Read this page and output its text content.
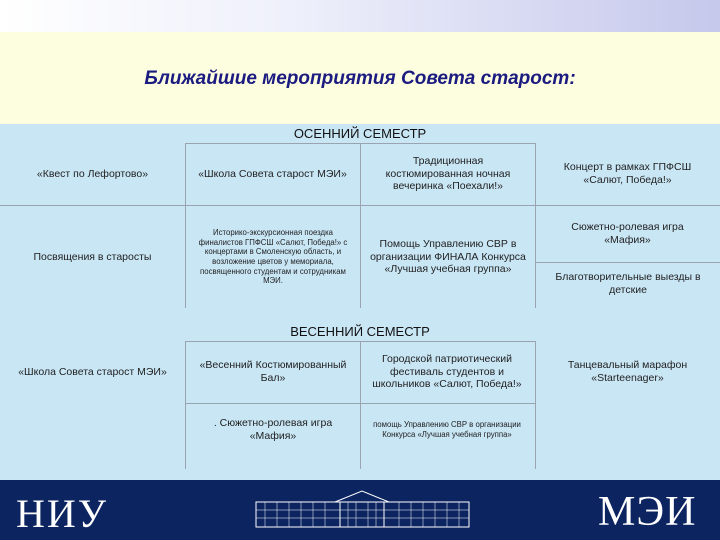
Ближайшие мероприятия Совета старост:
ОСЕННИЙ СЕМЕСТР
«Квест по Лефортово»	«Школа Совета старост МЭИ»
Традиционная костюмированная ночная вечеринка «Поехали!»
Концерт в рамках ГПФСШ «Салют, Победа!»
Посвящения в старосты
Историко-экскурсионная поездка финалистов ГПФСШ «Салют, Победа!» с концертами в Смоленскую область, и возложение цветов у мемориала, посвященного студентам и сотрудникам МЭИ.
Помощь Управлению СВР в организации ФИНАЛА Конкурса «Лучшая учебная группа»
Сюжетно-ролевая игра «Мафия»
Благотворительные выезды в детские
ВЕСЕННИЙ СЕМЕСТР
«Школа Совета старост МЭИ»
«Весенний Костюмированный Бал»
Городской патриотический фестиваль студентов и школьников «Салют, Победа!»
Танцевальный марафон «Starteenager»
. Сюжетно-ролевая игра «Мафия»
помощь Управлению СВР в организации Конкурса «Лучшая учебная группа»
НИУ	МЭИ
